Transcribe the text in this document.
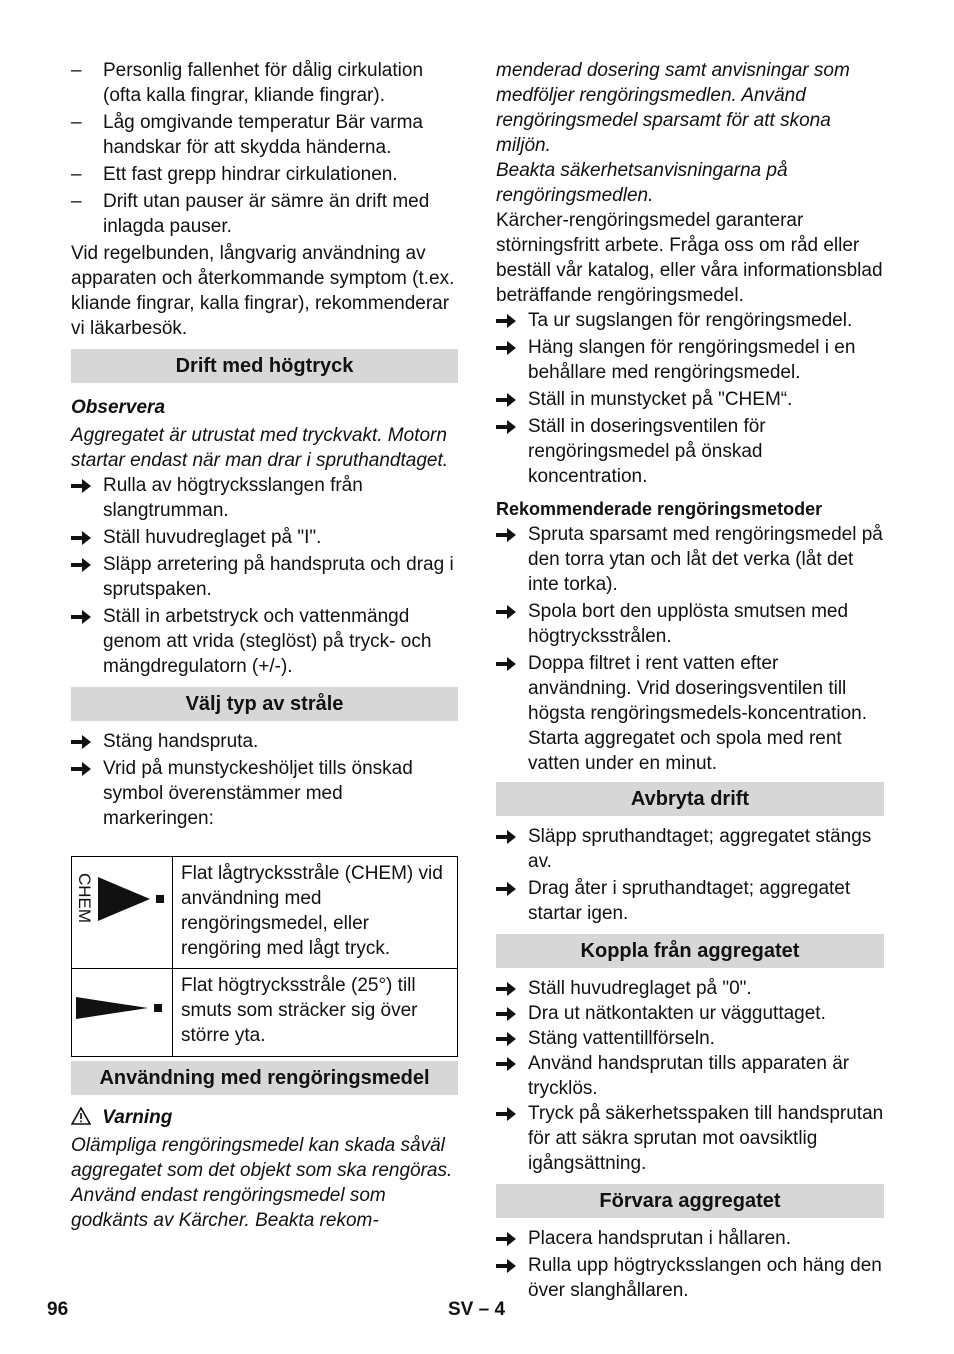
–	Personlig fallenhet för dålig cirkulation (ofta kalla fingrar, kliande fingrar).
–	Låg omgivande temperatur Bär varma handskar för att skydda händerna.
–	Ett fast grepp hindrar cirkulationen.
–	Drift utan pauser är sämre än drift med inlagda pauser.

Vid regelbunden, långvarig användning av apparaten och återkommande symptom (t.ex. kliande fingrar, kalla fingrar), rekommenderar vi läkarbesök.

Drift med högtryck

Observera

Aggregatet är utrustat med tryckvakt. Motorn startar endast när man drar i spruthandtaget.

Rulla av högtrycksslangen från slangtrumman.
Ställ huvudreglaget på "I".
Släpp arretering på handspruta och drag i sprutspaken.
Ställ in arbetstryck och vattenmängd genom att vrida (steglöst) på tryck- och mängdregulatorn (+/-).
Välj typ av stråle
Stäng handspruta.
Vrid på munstyckeshöljet tills önskad symbol överenstämmer med markeringen:
CHEM	Flat lågtrycksstråle (CHEM) vid användning med rengöringsmedel, eller rengöring med lågt tryck.

	Flat högtrycksstråle (25°) till smuts som sträcker sig över större yta.
Användning med rengöringsmedel
Varning

Olämpliga rengöringsmedel kan skada såväl aggregatet som det objekt som ska rengöras. Använd endast rengöringsmedel som godkänts av Kärcher. Beakta rekom-

menderad dosering samt anvisningar som medföljer rengöringsmedlen. Använd rengöringsmedel sparsamt för att skona miljön.

Beakta säkerhetsanvisningarna på rengöringsmedlen.

Kärcher-rengöringsmedel garanterar störningsfritt arbete. Fråga oss om råd eller beställ vår katalog, eller våra informationsblad beträffande rengöringsmedel.

Ta ur sugslangen för rengöringsmedel.
Häng slangen för rengöringsmedel i en behållare med rengöringsmedel.
Ställ in munstycket på "CHEM“.
Ställ in doseringsventilen för rengöringsmedel på önskad koncentration.

Rekommenderade rengöringsmetoder

Spruta sparsamt med rengöringsmedel på den torra ytan och låt det verka (låt det inte torka).
Spola bort den upplösta smutsen med högtrycksstrålen.
Doppa filtret i rent vatten efter användning. Vrid doseringsventilen till högsta rengöringsmedels-koncentration. Starta aggregatet och spola med rent vatten under en minut.
Avbryta drift
Släpp spruthandtaget; aggregatet stängs av.
Drag åter i spruthandtaget; aggregatet startar igen.
Koppla från aggregatet
Ställ huvudreglaget på "0".
Dra ut nätkontakten ur vägguttaget.
Stäng vattentillförseln.
Använd handsprutan tills apparaten är trycklös.
Tryck på säkerhetsspaken till handsprutan för att säkra sprutan mot oavsiktlig igångsättning.
Förvara aggregatet
Placera handsprutan i hållaren.
Rulla upp högtrycksslangen och häng den över slanghållaren.
96	SV – 4
